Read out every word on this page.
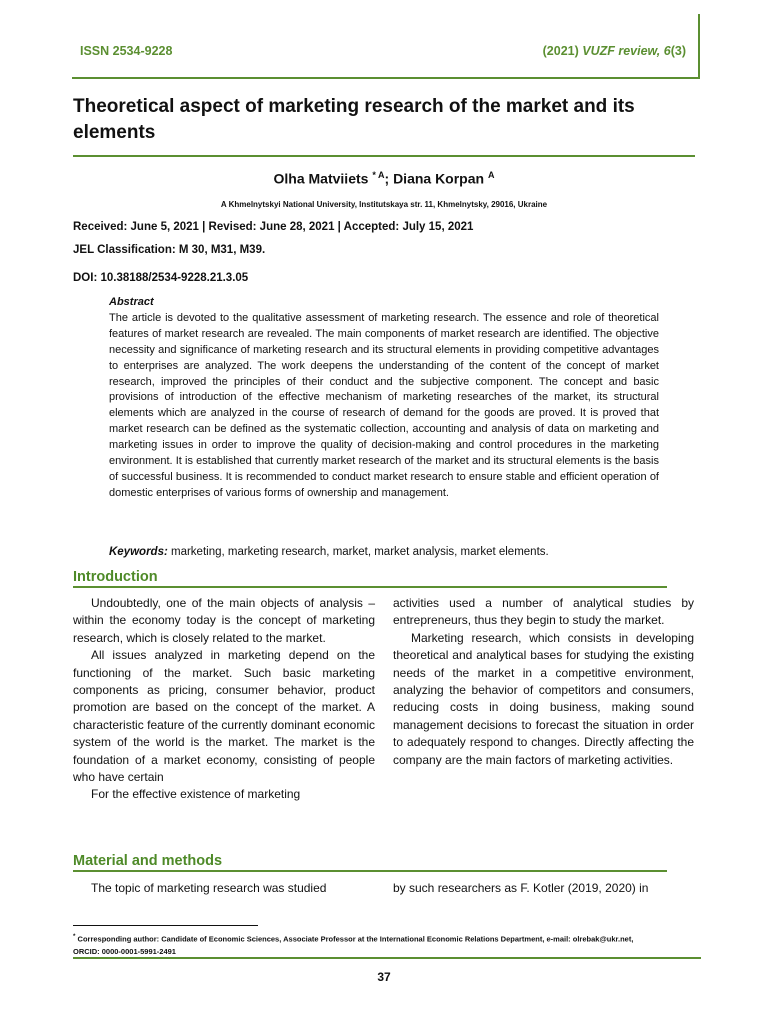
ISSN 2534-9228	(2021) VUZF review, 6(3)
Theoretical aspect of marketing research of the market and its elements
Olha Matviiets $^{* A}$; Diana Korpan $^A$
A Khmelnytskyi National University, Institutskaya str. 11, Khmelnytsky, 29016, Ukraine
Received: June 5, 2021 | Revised: June 28, 2021 | Accepted: July 15, 2021
JEL Classification: M 30, M31, M39.
DOI: 10.38188/2534-9228.21.3.05
Abstract
The article is devoted to the qualitative assessment of marketing research. The essence and role of theoretical features of market research are revealed. The main components of market research are identified. The objective necessity and significance of marketing research and its structural elements in providing competitive advantages to enterprises are analyzed. The work deepens the understanding of the content of the concept of market research, improved the principles of their conduct and the subjective component. The concept and basic provisions of introduction of the effective mechanism of marketing researches of the market, its structural elements which are analyzed in the course of research of demand for the goods are proved. It is proved that market research can be defined as the systematic collection, accounting and analysis of data on marketing and marketing issues in order to improve the quality of decision-making and control procedures in the marketing environment. It is established that currently market research of the market and its structural elements is the basis of successful business. It is recommended to conduct market research to ensure stable and efficient operation of domestic enterprises of various forms of ownership and management.
Keywords: marketing, marketing research, market, market analysis, market elements.
Introduction

Undoubtedly, one of the main objects of analysis – within the economy today is the concept of marketing research, which is closely related to the market.

All issues analyzed in marketing depend on the functioning of the market. Such basic marketing components as pricing, consumer behavior, product promotion are based on the concept of the market. A characteristic feature of the currently dominant economic system of the world is the market. The market is the foundation of a market economy, consisting of people who have certain

For the effective existence of marketing

activities used a number of analytical studies by entrepreneurs, thus they begin to study the market.

Marketing research, which consists in developing theoretical and analytical bases for studying the existing needs of the market in a competitive environment, analyzing the behavior of competitors and consumers, reducing costs in doing business, making sound management decisions to forecast the situation in order to adequately respond to changes. Directly affecting the company are the main factors of marketing activities.

Material and methods

The topic of marketing research was studied	by such researchers as F. Kotler (2019, 2020) in

* Corresponding author: Candidate of Economic Sciences, Associate Professor at the International Economic Relations Department, e-mail: olrebak@ukr.net,
ORCID: 0000-0001-5991-2491
37
